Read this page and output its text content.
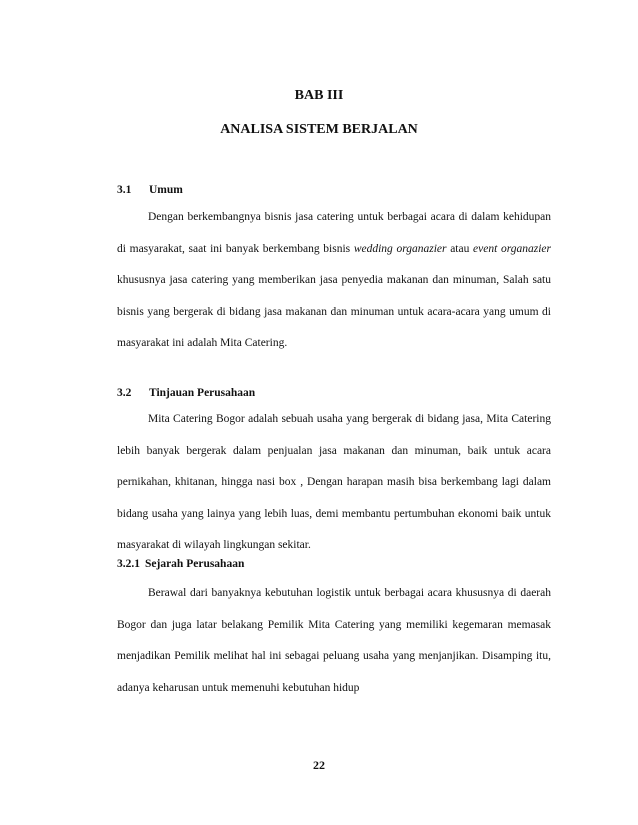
BAB III
ANALISA SISTEM BERJALAN
3.1 Umum

Dengan berkembangnya bisnis jasa catering untuk berbagai acara di dalam kehidupan di masyarakat, saat ini banyak berkembang bisnis wedding organazier atau event organazier khususnya jasa catering yang memberikan jasa penyedia makanan dan minuman, Salah satu bisnis yang bergerak di bidang jasa makanan dan minuman untuk acara-acara yang umum di masyarakat ini adalah Mita Catering.

3.2 Tinjauan Perusahaan

Mita Catering Bogor adalah sebuah usaha yang bergerak di bidang jasa, Mita Catering lebih banyak bergerak dalam penjualan jasa makanan dan minuman, baik untuk acara pernikahan, khitanan, hingga nasi box , Dengan harapan masih bisa berkembang lagi dalam bidang usaha yang lainya yang lebih luas, demi membantu pertumbuhan ekonomi baik untuk masyarakat di wilayah lingkungan sekitar.

3.2.1 Sejarah Perusahaan

Berawal dari banyaknya kebutuhan logistik untuk berbagai acara khususnya di daerah Bogor dan juga latar belakang Pemilik Mita Catering yang memiliki kegemaran memasak menjadikan Pemilik melihat hal ini sebagai peluang usaha yang menjanjikan. Disamping itu, adanya keharusan untuk memenuhi kebutuhan hidup

22
